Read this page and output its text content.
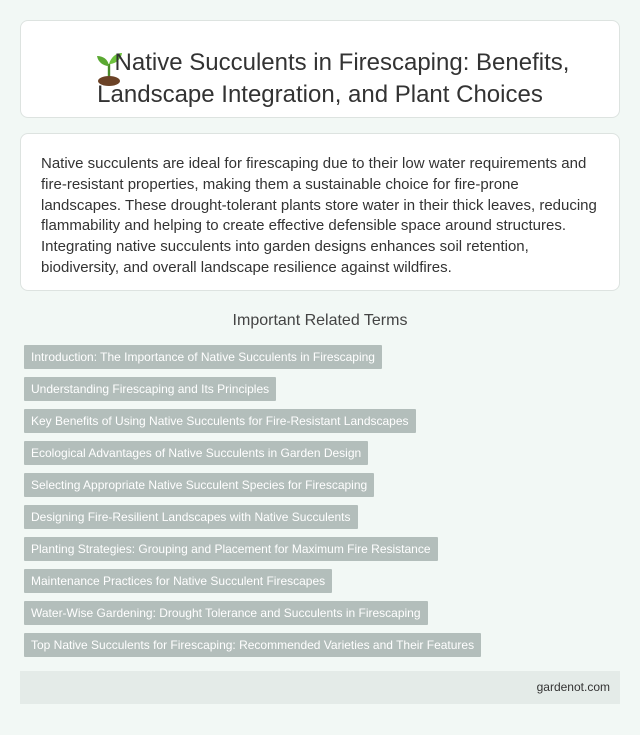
Native Succulents in Firescaping: Benefits, Landscape Integration, and Plant Choices

Native succulents are ideal for firescaping due to their low water requirements and fire-resistant properties, making them a sustainable choice for fire-prone landscapes. These drought-tolerant plants store water in their thick leaves, reducing flammability and helping to create effective defensible space around structures. Integrating native succulents into garden designs enhances soil retention, biodiversity, and overall landscape resilience against wildfires.

Important Related Terms
Introduction: The Importance of Native Succulents in Firescaping
Understanding Firescaping and Its Principles
Key Benefits of Using Native Succulents for Fire-Resistant Landscapes
Ecological Advantages of Native Succulents in Garden Design
Selecting Appropriate Native Succulent Species for Firescaping
Designing Fire-Resilient Landscapes with Native Succulents
Planting Strategies: Grouping and Placement for Maximum Fire Resistance
Maintenance Practices for Native Succulent Firescapes
Water-Wise Gardening: Drought Tolerance and Succulents in Firescaping
Top Native Succulents for Firescaping: Recommended Varieties and Their Features
gardenot.com
